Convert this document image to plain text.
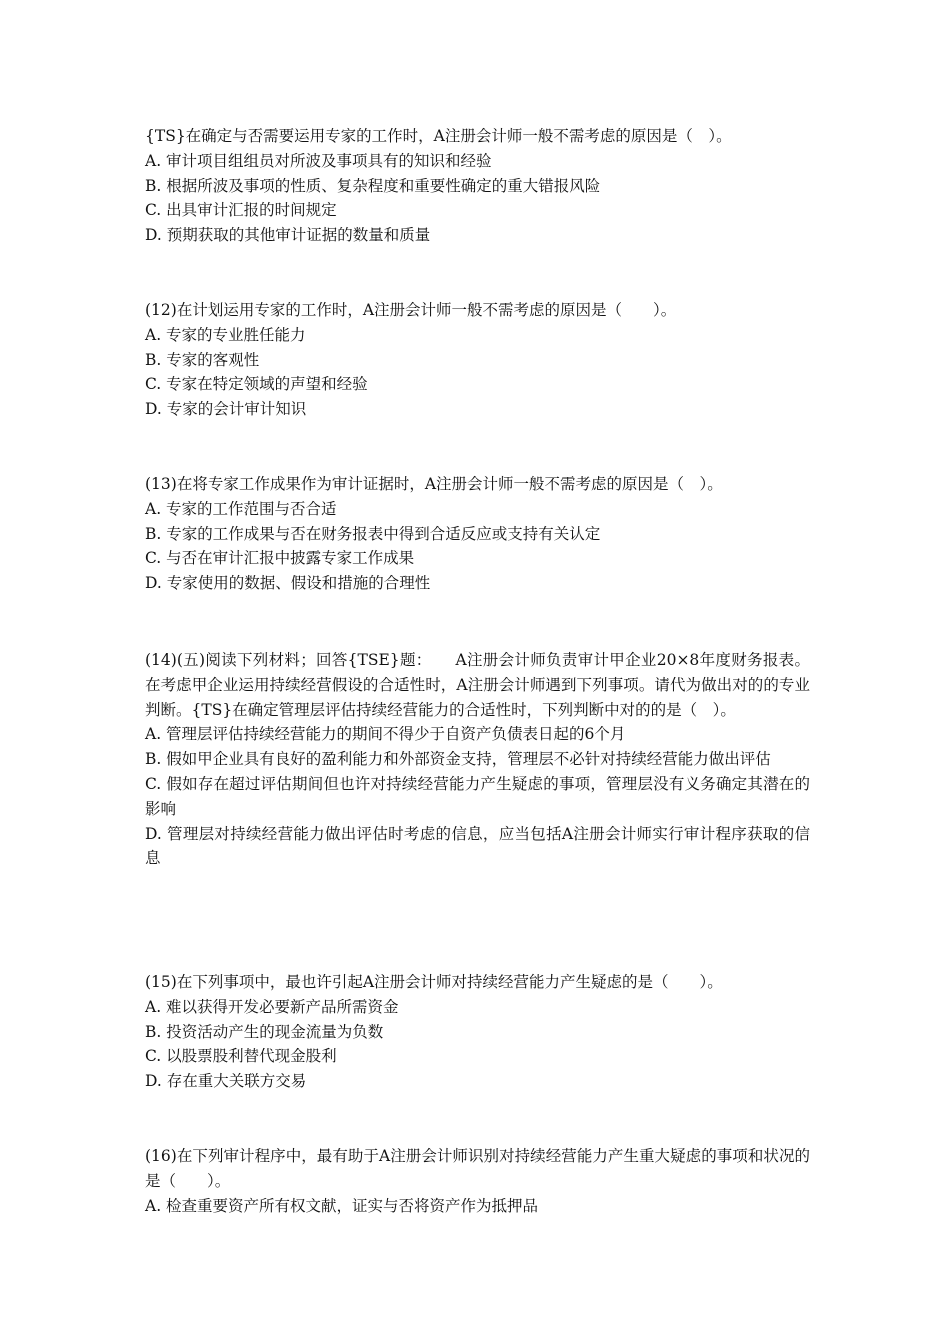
{TS}在确定与否需要运用专家的工作时，A注册会计师一般不需考虑的原因是（　）。
A. 审计项目组组员对所波及事项具有的知识和经验
B. 根据所波及事项的性质、复杂程度和重要性确定的重大错报风险
C. 出具审计汇报的时间规定
D. 预期获取的其他审计证据的数量和质量
(12)在计划运用专家的工作时，A注册会计师一般不需考虑的原因是（　　）。
A. 专家的专业胜任能力
B. 专家的客观性
C. 专家在特定领域的声望和经验
D. 专家的会计审计知识
(13)在将专家工作成果作为审计证据时，A注册会计师一般不需考虑的原因是（　）。
A. 专家的工作范围与否合适
B. 专家的工作成果与否在财务报表中得到合适反应或支持有关认定
C. 与否在审计汇报中披露专家工作成果
D. 专家使用的数据、假设和措施的合理性
(14)(五)阅读下列材料；回答{TSE}题：　　A注册会计师负责审计甲企业20×8年度财务报表。在考虑甲企业运用持续经营假设的合适性时，A注册会计师遇到下列事项。请代为做出对的的专业判断。{TS}在确定管理层评估持续经营能力的合适性时，下列判断中对的的是（　）。
A. 管理层评估持续经营能力的期间不得少于自资产负债表日起的6个月
B. 假如甲企业具有良好的盈利能力和外部资金支持，管理层不必针对持续经营能力做出评估
C. 假如存在超过评估期间但也许对持续经营能力产生疑虑的事项，管理层没有义务确定其潜在的影响
D. 管理层对持续经营能力做出评估时考虑的信息，应当包括A注册会计师实行审计程序获取的信息
(15)在下列事项中，最也许引起A注册会计师对持续经营能力产生疑虑的是（　　）。
A. 难以获得开发必要新产品所需资金
B. 投资活动产生的现金流量为负数
C. 以股票股利替代现金股利
D. 存在重大关联方交易
(16)在下列审计程序中，最有助于A注册会计师识别对持续经营能力产生重大疑虑的事项和状况的是（　　）。
A. 检查重要资产所有权文献，证实与否将资产作为抵押品
